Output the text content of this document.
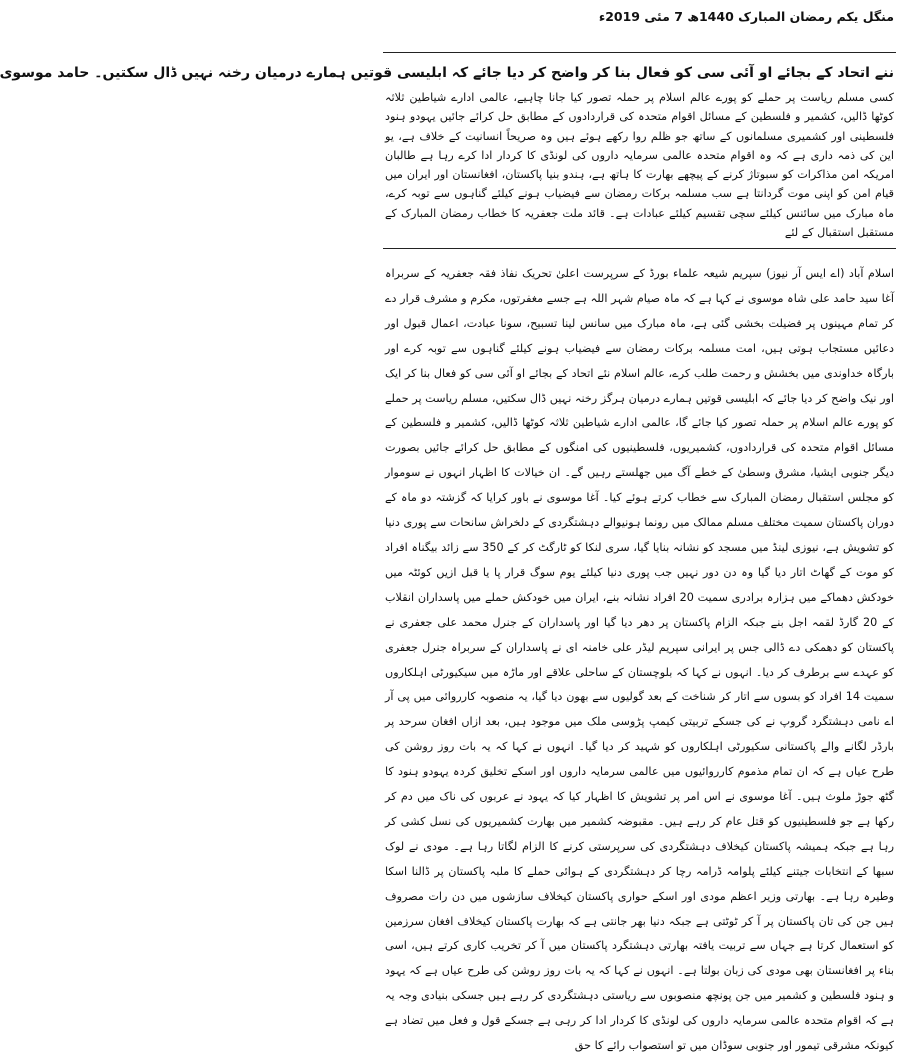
منگل یکم رمضان المبارک 1440ھ 7 مئی 2019ء
ننے اتحاد کے بجائے او آئی سی کو فعال بنا کر واضح کر دیا جائے کہ ابلیسی قوتیں ہمارے درمیان رخنہ نہیں ڈال سکتیں۔ حامد موسوی

کسی مسلم ریاست پر حملے کو پورے عالم اسلام پر حملہ تصور کیا جانا چاہیے، عالمی ادارے شیاطین ثلاثہ کوٹھا ڈالیں، کشمیر و فلسطین کے مسائل اقوام متحدہ کی قراردادوں کے مطابق حل کرائے جائیں یہودو ہنود فلسطینی اور کشمیری مسلمانوں کے ساتھ جو ظلم روا رکھے ہوئے ہیں وہ صریحاً انسانیت کے خلاف ہے، یو این کی ذمہ داری ہے کہ وہ اقوام متحدہ عالمی سرمایہ داروں کی لونڈی کا کردار ادا کرے رہا ہے طالبان امریکہ امن مذاکرات کو سبوتاژ کرنے کے پیچھے بھارت کا ہاتھ ہے، ہندو بنیا پاکستان، افغانستان اور ایران میں قیام امن کو اپنی موت گردانتا ہے سب مسلمہ برکات رمضان سے فیضیاب ہونے کیلئے گناہوں سے توبہ کرے، ماہ مبارک میں سائنس کیلئے سچی تقسیم کیلئے عبادات ہے۔ قائد ملت جعفریہ کا خطاب رمضان المبارک کے مستقبل استقبال کے لئے

اسلام آباد (اے ایس آر نیوز) سپریم شیعہ علماء بورڈ کے سرپرست اعلیٰ تحریک نفاذ فقہ جعفریہ کے سربراہ آغا سید حامد علی شاہ موسوی نے کہا ہے کہ ماہ صیام شہر اللہ ہے جسے مغفرتوں، مکرم و مشرف قرار دے کر تمام مہینوں پر فضیلت بخشی گئی ہے، ماہ مبارک میں سانس لینا تسبیح، سونا عبادت، اعمال قبول اور دعائیں مستجاب ہوتی ہیں، امت مسلمہ برکات رمضان سے فیضیاب ہونے کیلئے گناہوں سے توبہ کرے اور بارگاہ خداوندی میں بخشش و رحمت طلب کرے، عالم اسلام نئے اتحاد کے بجائے او آئی سی کو فعال بنا کر ایک اور نیک واضح کر دیا جائے کہ ابلیسی قوتیں ہمارے درمیان ہرگز رخنہ نہیں ڈال سکتیں، مسلم ریاست پر حملے کو پورے عالم اسلام پر حملہ تصور کیا جائے گا، عالمی ادارے شیاطین ثلاثہ کوٹھا ڈالیں، کشمیر و فلسطین کے مسائل اقوام متحدہ کی قراردادوں، کشمیریوں، فلسطینیوں کی امنگوں کے مطابق حل کرائے جائیں بصورت دیگر جنوبی ایشیا، مشرق وسطیٰ کے خطے آگ میں جھلستے رہیں گے۔ ان خیالات کا اظہار انہوں نے سوموار کو مجلس استقبال رمضان المبارک سے خطاب کرتے ہوئے کیا۔ آغا موسوی نے باور کرایا کہ گزشتہ دو ماہ کے دوران پاکستان سمیت مختلف مسلم ممالک میں رونما ہونیوالے دہشتگردی کے دلخراش سانحات سے پوری دنیا کو تشویش ہے، نیوزی لینڈ میں مسجد کو نشانہ بنایا گیا، سری لنکا کو ٹارگٹ کر کے 350 سے زائد بیگناہ افراد کو موت کے گھاٹ اتار دیا گیا وہ دن دور نہیں جب پوری دنیا کیلئے یوم سوگ قرار پا یا قبل ازیں کوئٹہ میں خودکش دھماکے میں ہزارہ برادری سمیت 20 افراد نشانہ بنے، ایران میں خودکش حملے میں پاسداران انقلاب کے 20 گارڈ لقمہ اجل بنے جبکہ الزام پاکستان پر دھر دیا گیا اور پاسداران کے جنرل محمد علی جعفری نے پاکستان کو دھمکی دے ڈالی جس پر ایرانی سپریم لیڈر علی خامنہ ای نے پاسداران کے سربراہ جنرل جعفری کو عہدے سے برطرف کر دیا۔ انہوں نے کہا کہ بلوچستان کے ساحلی علاقے اور ماڑہ میں سیکیورٹی اہلکاروں سمیت 14 افراد کو بسوں سے اتار کر شناخت کے بعد گولیوں سے بھون دیا گیا، یہ منصوبہ کارروائی میں پی آر اے نامی دہشتگرد گروپ نے کی جسکے تربیتی کیمپ پڑوسی ملک میں موجود ہیں، بعد ازاں افغان سرحد پر بارڈر لگانے والے پاکستانی سکیورٹی اہلکاروں کو شہید کر دیا گیا۔ انہوں نے کہا کہ یہ بات روز روشن کی طرح عیاں ہے کہ ان تمام مذموم کارروائیوں میں عالمی سرمایہ داروں اور اسکے تخلیق کردہ یہودو ہنود کا گٹھ جوڑ ملوث ہیں۔ آغا موسوی نے اس امر پر تشویش کا اظہار کیا کہ یہود نے عربوں کی ناک میں دم کر رکھا ہے جو فلسطینیوں کو قتل عام کر رہے ہیں۔ مقبوضہ کشمیر میں بھارت کشمیریوں کی نسل کشی کر رہا ہے جبکہ ہمیشہ پاکستان کیخلاف دہشتگردی کی سرپرستی کرنے کا الزام لگاتا رہا ہے۔ مودی نے لوک سبھا کے انتخابات جیتنے کیلئے پلوامہ ڈرامہ رچا کر دہشتگردی کے ہوائی حملے کا ملبہ پاکستان پر ڈالنا اسکا وطیرہ رہا ہے۔ بھارتی وزیر اعظم مودی اور اسکے حواری پاکستان کیخلاف سازشوں میں دن رات مصروف ہیں جن کی تان پاکستان پر آ کر ٹوٹتی ہے جبکہ دنیا بھر جانتی ہے کہ بھارت پاکستان کیخلاف افغان سرزمین کو استعمال کرتا ہے جہاں سے تربیت یافتہ بھارتی دہشتگرد پاکستان میں آ کر تخریب کاری کرتے ہیں، اسی بناء پر افغانستان بھی مودی کی زبان بولتا ہے۔ انہوں نے کہا کہ یہ بات روز روشن کی طرح عیاں ہے کہ یہود و ہنود فلسطین و کشمیر میں جن پونچھ منصوبوں سے ریاستی دہشتگردی کر رہے ہیں جسکی بنیادی وجہ یہ ہے کہ اقوام متحدہ عالمی سرمایہ داروں کی لونڈی کا کردار ادا کر رہی ہے جسکے قول و فعل میں تضاد ہے کیونکہ مشرقی تیمور اور جنوبی سوڈان میں تو استصواب رائے کا حق
